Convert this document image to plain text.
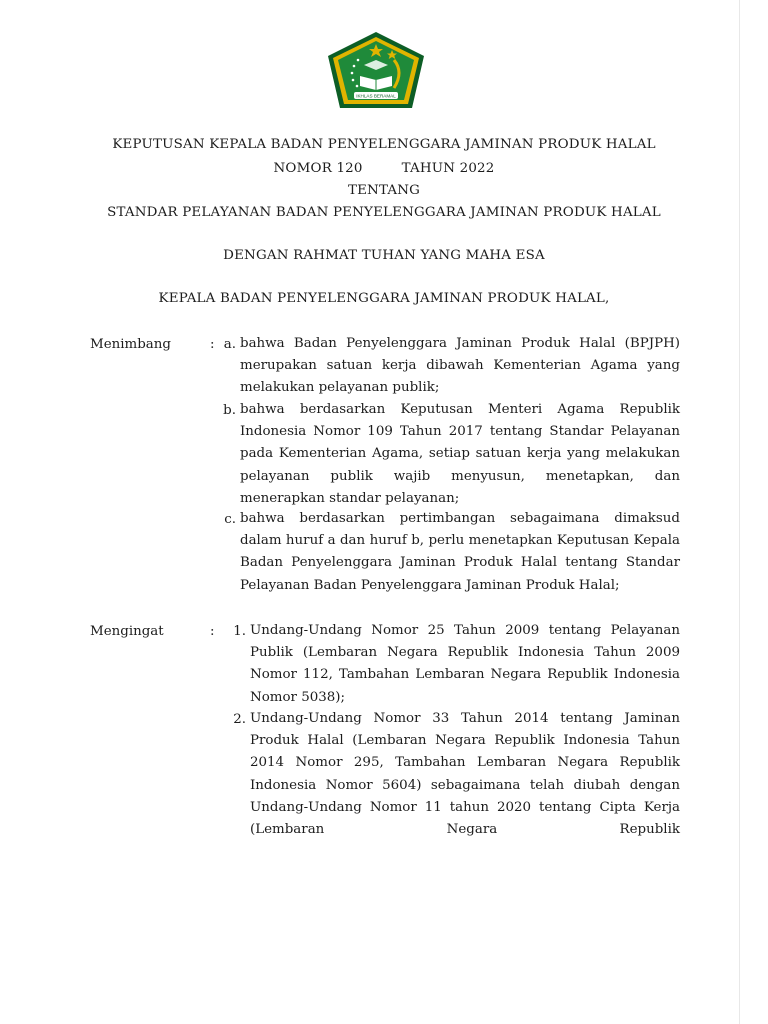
IKHLAS BERAMAL
KEPUTUSAN KEPALA BADAN PENYELENGGARA JAMINAN PRODUK HALAL
NOMOR 120	TAHUN 2022
TENTANG
STANDAR PELAYANAN BADAN PENYELENGGARA JAMINAN PRODUK HALAL
DENGAN RAHMAT TUHAN YANG MAHA ESA
KEPALA BADAN PENYELENGGARA JAMINAN PRODUK HALAL,
Menimbang	: a. bahwa Badan Penyelenggara Jaminan Produk Halal (BPJPH) merupakan satuan kerja dibawah Kementerian Agama yang melakukan pelayanan publik;
b. bahwa berdasarkan Keputusan Menteri Agama Republik Indonesia Nomor 109 Tahun 2017 tentang Standar Pelayanan pada Kementerian Agama, setiap satuan kerja yang melakukan pelayanan publik wajib menyusun, menetapkan, dan menerapkan standar pelayanan;
c. bahwa berdasarkan pertimbangan sebagaimana dimaksud dalam huruf a dan huruf b, perlu menetapkan Keputusan Kepala Badan Penyelenggara Jaminan Produk Halal tentang Standar Pelayanan Badan Penyelenggara Jaminan Produk Halal;
Mengingat	:	1. Undang-Undang Nomor 25 Tahun 2009 tentang Pelayanan Publik (Lembaran Negara Republik Indonesia Tahun 2009 Nomor 112, Tambahan Lembaran Negara Republik Indonesia Nomor 5038);
2. Undang-Undang Nomor 33 Tahun 2014 tentang Jaminan Produk Halal (Lembaran Negara Republik Indonesia Tahun 2014 Nomor 295, Tambahan Lembaran Negara Republik Indonesia Nomor 5604) sebagaimana telah diubah dengan Undang-Undang Nomor 11 tahun 2020 tentang Cipta Kerja (Lembaran Negara Republik
